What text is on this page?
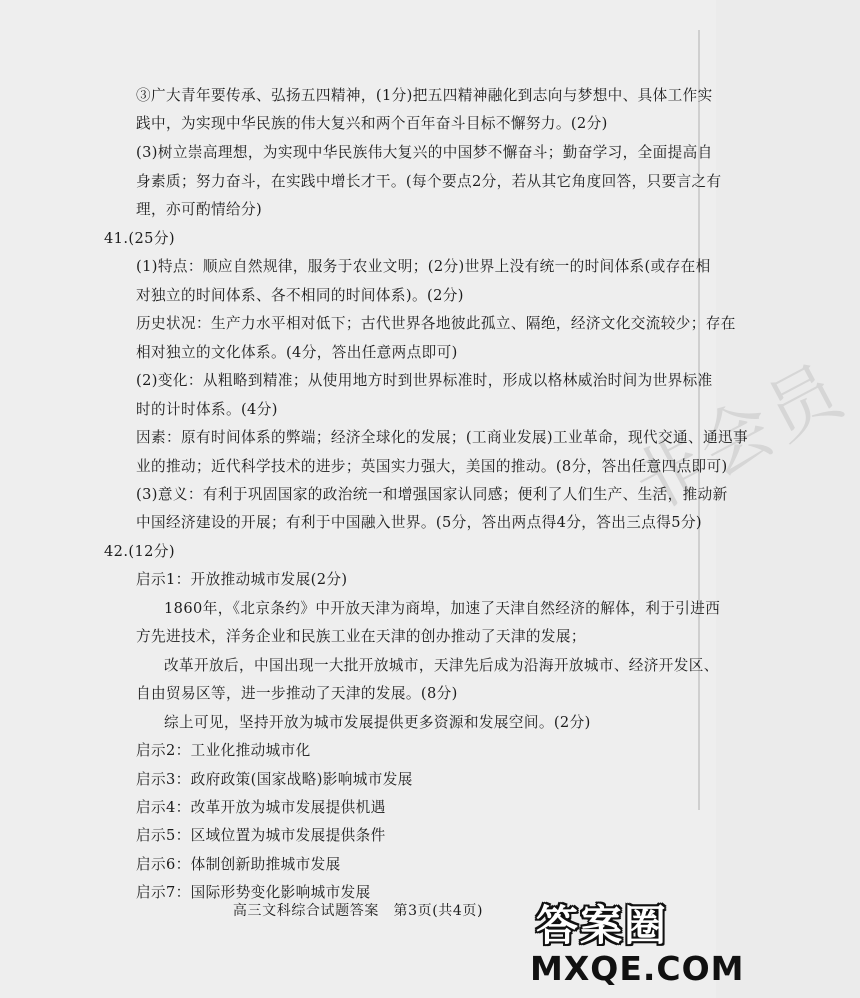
非会员
③广大青年要传承、弘扬五四精神，(1分)把五四精神融化到志向与梦想中、具体工作实
践中，为实现中华民族的伟大复兴和两个百年奋斗目标不懈努力。(2分)
(3)树立崇高理想，为实现中华民族伟大复兴的中国梦不懈奋斗；勤奋学习，全面提高自
身素质；努力奋斗，在实践中增长才干。(每个要点2分，若从其它角度回答，只要言之有
理，亦可酌情给分)
41.(25分)
(1)特点：顺应自然规律，服务于农业文明；(2分)世界上没有统一的时间体系(或存在相
对独立的时间体系、各不相同的时间体系)。(2分)
历史状况：生产力水平相对低下；古代世界各地彼此孤立、隔绝，经济文化交流较少；存在
相对独立的文化体系。(4分，答出任意两点即可)
(2)变化：从粗略到精准；从使用地方时到世界标准时，形成以格林威治时间为世界标准
时的计时体系。(4分)
因素：原有时间体系的弊端；经济全球化的发展；(工商业发展)工业革命，现代交通、通迅事
业的推动；近代科学技术的进步；英国实力强大，美国的推动。(8分，答出任意四点即可)
(3)意义：有利于巩固国家的政治统一和增强国家认同感；便利了人们生产、生活，推动新
中国经济建设的开展；有利于中国融入世界。(5分，答出两点得4分，答出三点得5分)
42.(12分)
启示1：开放推动城市发展(2分)
1860年，《北京条约》中开放天津为商埠，加速了天津自然经济的解体，利于引进西
方先进技术，洋务企业和民族工业在天津的创办推动了天津的发展；
改革开放后，中国出现一大批开放城市，天津先后成为沿海开放城市、经济开发区、
自由贸易区等，进一步推动了天津的发展。(8分)
综上可见，坚持开放为城市发展提供更多资源和发展空间。(2分)
启示2：工业化推动城市化
启示3：政府政策(国家战略)影响城市发展
启示4：改革开放为城市发展提供机遇
启示5：区域位置为城市发展提供条件
启示6：体制创新助推城市发展
启示7：国际形势变化影响城市发展
高三文科综合试题答案　第3页(共4页)	答案圈
MXQE.COM
